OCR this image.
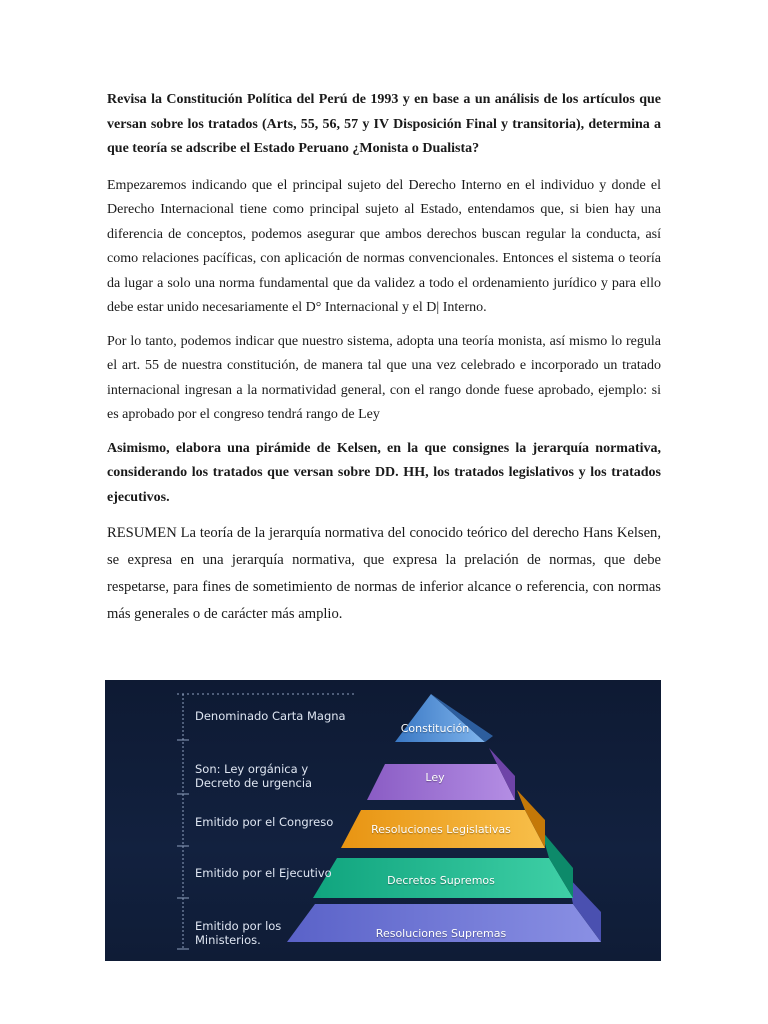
Revisa la Constitución Política del Perú de 1993 y en base a un análisis de los artículos que versan sobre los tratados (Arts, 55, 56, 57 y IV Disposición Final y transitoria), determina a que teoría se adscribe el Estado Peruano ¿Monista o Dualista?

Empezaremos indicando que el principal sujeto del Derecho Interno en el individuo y donde el Derecho Internacional tiene como principal sujeto al Estado, entendamos que, si bien hay una diferencia de conceptos, podemos asegurar que ambos derechos buscan regular la conducta, así como relaciones pacíficas, con aplicación de normas convencionales. Entonces el sistema o teoría da lugar a solo una norma fundamental que da validez a todo el ordenamiento jurídico y para ello debe estar unido necesariamente el D° Internacional y el D| Interno.

Por lo tanto, podemos indicar que nuestro sistema, adopta una teoría monista, así mismo lo regula el art. 55 de nuestra constitución, de manera tal que una vez celebrado e incorporado un tratado internacional ingresan a la normatividad general, con el rango donde fuese aprobado, ejemplo: si es aprobado por el congreso tendrá rango de Ley

Asimismo, elabora una pirámide de Kelsen, en la que consignes la jerarquía normativa, considerando los tratados que versan sobre DD. HH, los tratados legislativos y los tratados ejecutivos.

RESUMEN La teoría de la jerarquía normativa del conocido teórico del derecho Hans Kelsen, se expresa en una jerarquía normativa, que expresa la prelación de normas, que debe respetarse, para fines de sometimiento de normas de inferior alcance o referencia, con normas más generales o de carácter más amplio.

Denominado Carta Magna
Son: Ley orgánica y
Decreto de urgencia
Emitido por el Congreso
Emitido por el Ejecutivo
Emitido por los
Ministerios.
Constitución
Ley
Resoluciones Legislativas
Decretos Supremos
Resoluciones Supremas
